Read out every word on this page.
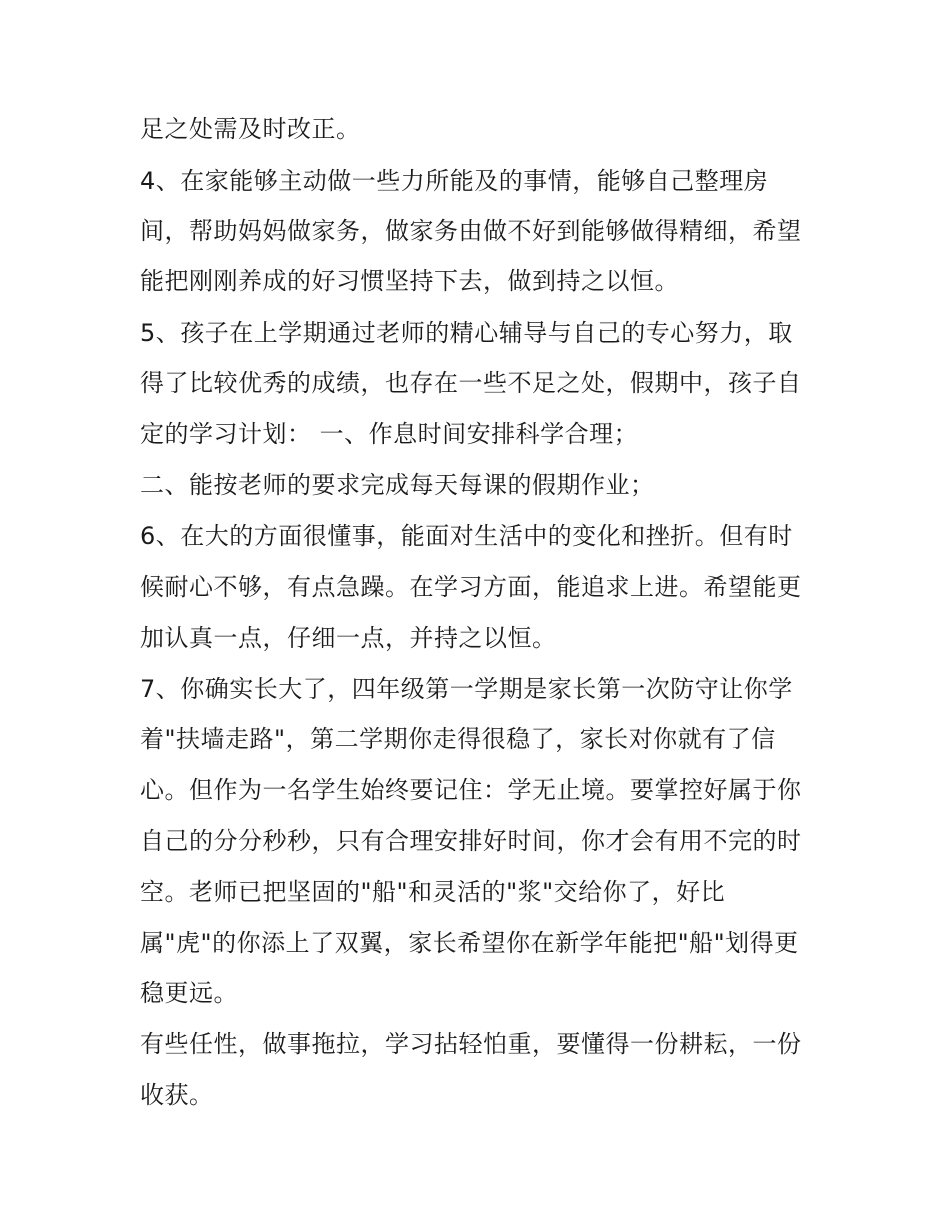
足之处需及时改正。
4、在家能够主动做一些力所能及的事情，能够自己整理房
间，帮助妈妈做家务，做家务由做不好到能够做得精细，希望
能把刚刚养成的好习惯坚持下去，做到持之以恒。
5、孩子在上学期通过老师的精心辅导与自己的专心努力，取
得了比较优秀的成绩，也存在一些不足之处，假期中，孩子自
定的学习计划： 一、作息时间安排科学合理；
二、能按老师的要求完成每天每课的假期作业；
6、在大的方面很懂事，能面对生活中的变化和挫折。但有时
候耐心不够，有点急躁。在学习方面，能追求上进。希望能更
加认真一点，仔细一点，并持之以恒。
7、你确实长大了，四年级第一学期是家长第一次防守让你学
着"扶墙走路"，第二学期你走得很稳了，家长对你就有了信
心。但作为一名学生始终要记住：学无止境。要掌控好属于你
自己的分分秒秒，只有合理安排好时间，你才会有用不完的时
空。老师已把坚固的"船"和灵活的"浆"交给你了，好比
属"虎"的你添上了双翼，家长希望你在新学年能把"船"划得更
稳更远。
有些任性，做事拖拉，学习拈轻怕重，要懂得一份耕耘，一份
收获。
